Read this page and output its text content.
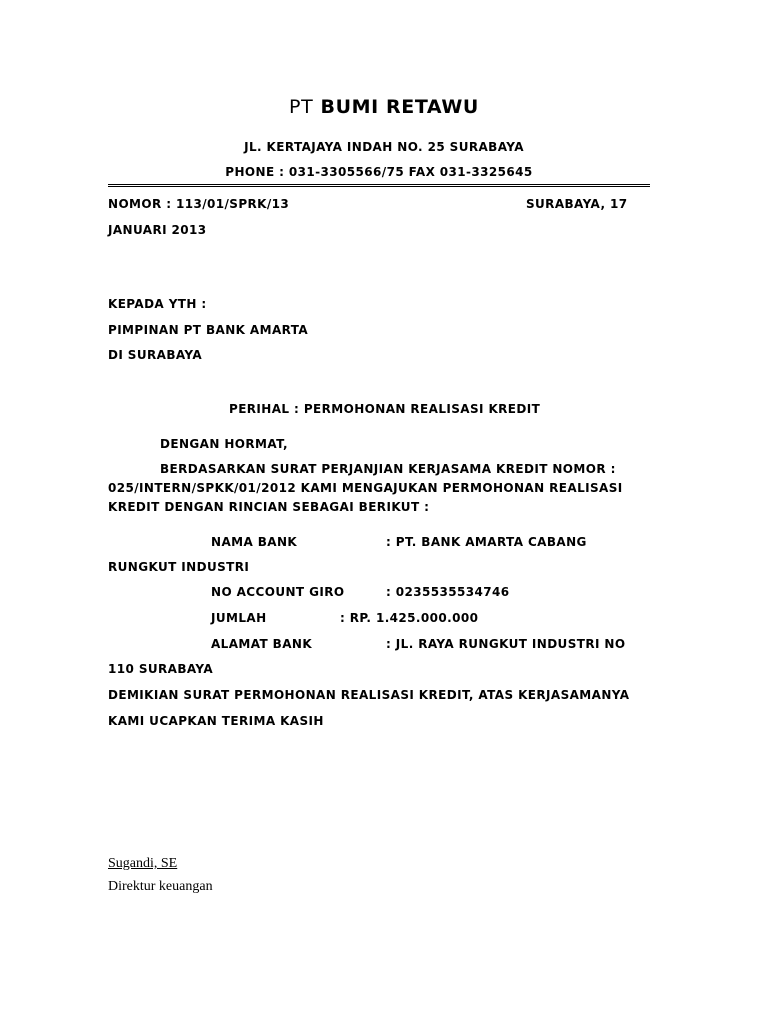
PT BUMI RETAWU
JL. KERTAJAYA INDAH NO. 25 SURABAYA
PHONE : 031-3305566/75 FAX 031-3325645
NOMOR : 113/01/SPRK/13	SURABAYA, 17
JANUARI 2013
KEPADA YTH :
PIMPINAN PT BANK AMARTA
DI SURABAYA
PERIHAL : PERMOHONAN REALISASI KREDIT
DENGAN HORMAT,
BERDASARKAN SURAT PERJANJIAN KERJASAMA KREDIT NOMOR :
025/INTERN/SPKK/01/2012 KAMI MENGAJUKAN PERMOHONAN REALISASI
KREDIT DENGAN RINCIAN SEBAGAI BERIKUT :
NAMA BANK	: PT. BANK AMARTA CABANG
RUNGKUT INDUSTRI
NO ACCOUNT GIRO	: 0235535534746
JUMLAH	: RP. 1.425.000.000
ALAMAT BANK	: JL. RAYA RUNGKUT INDUSTRI NO
110 SURABAYA
DEMIKIAN SURAT PERMOHONAN REALISASI KREDIT, ATAS KERJASAMANYA
KAMI UCAPKAN TERIMA KASIH
Sugandi, SE
Direktur keuangan
